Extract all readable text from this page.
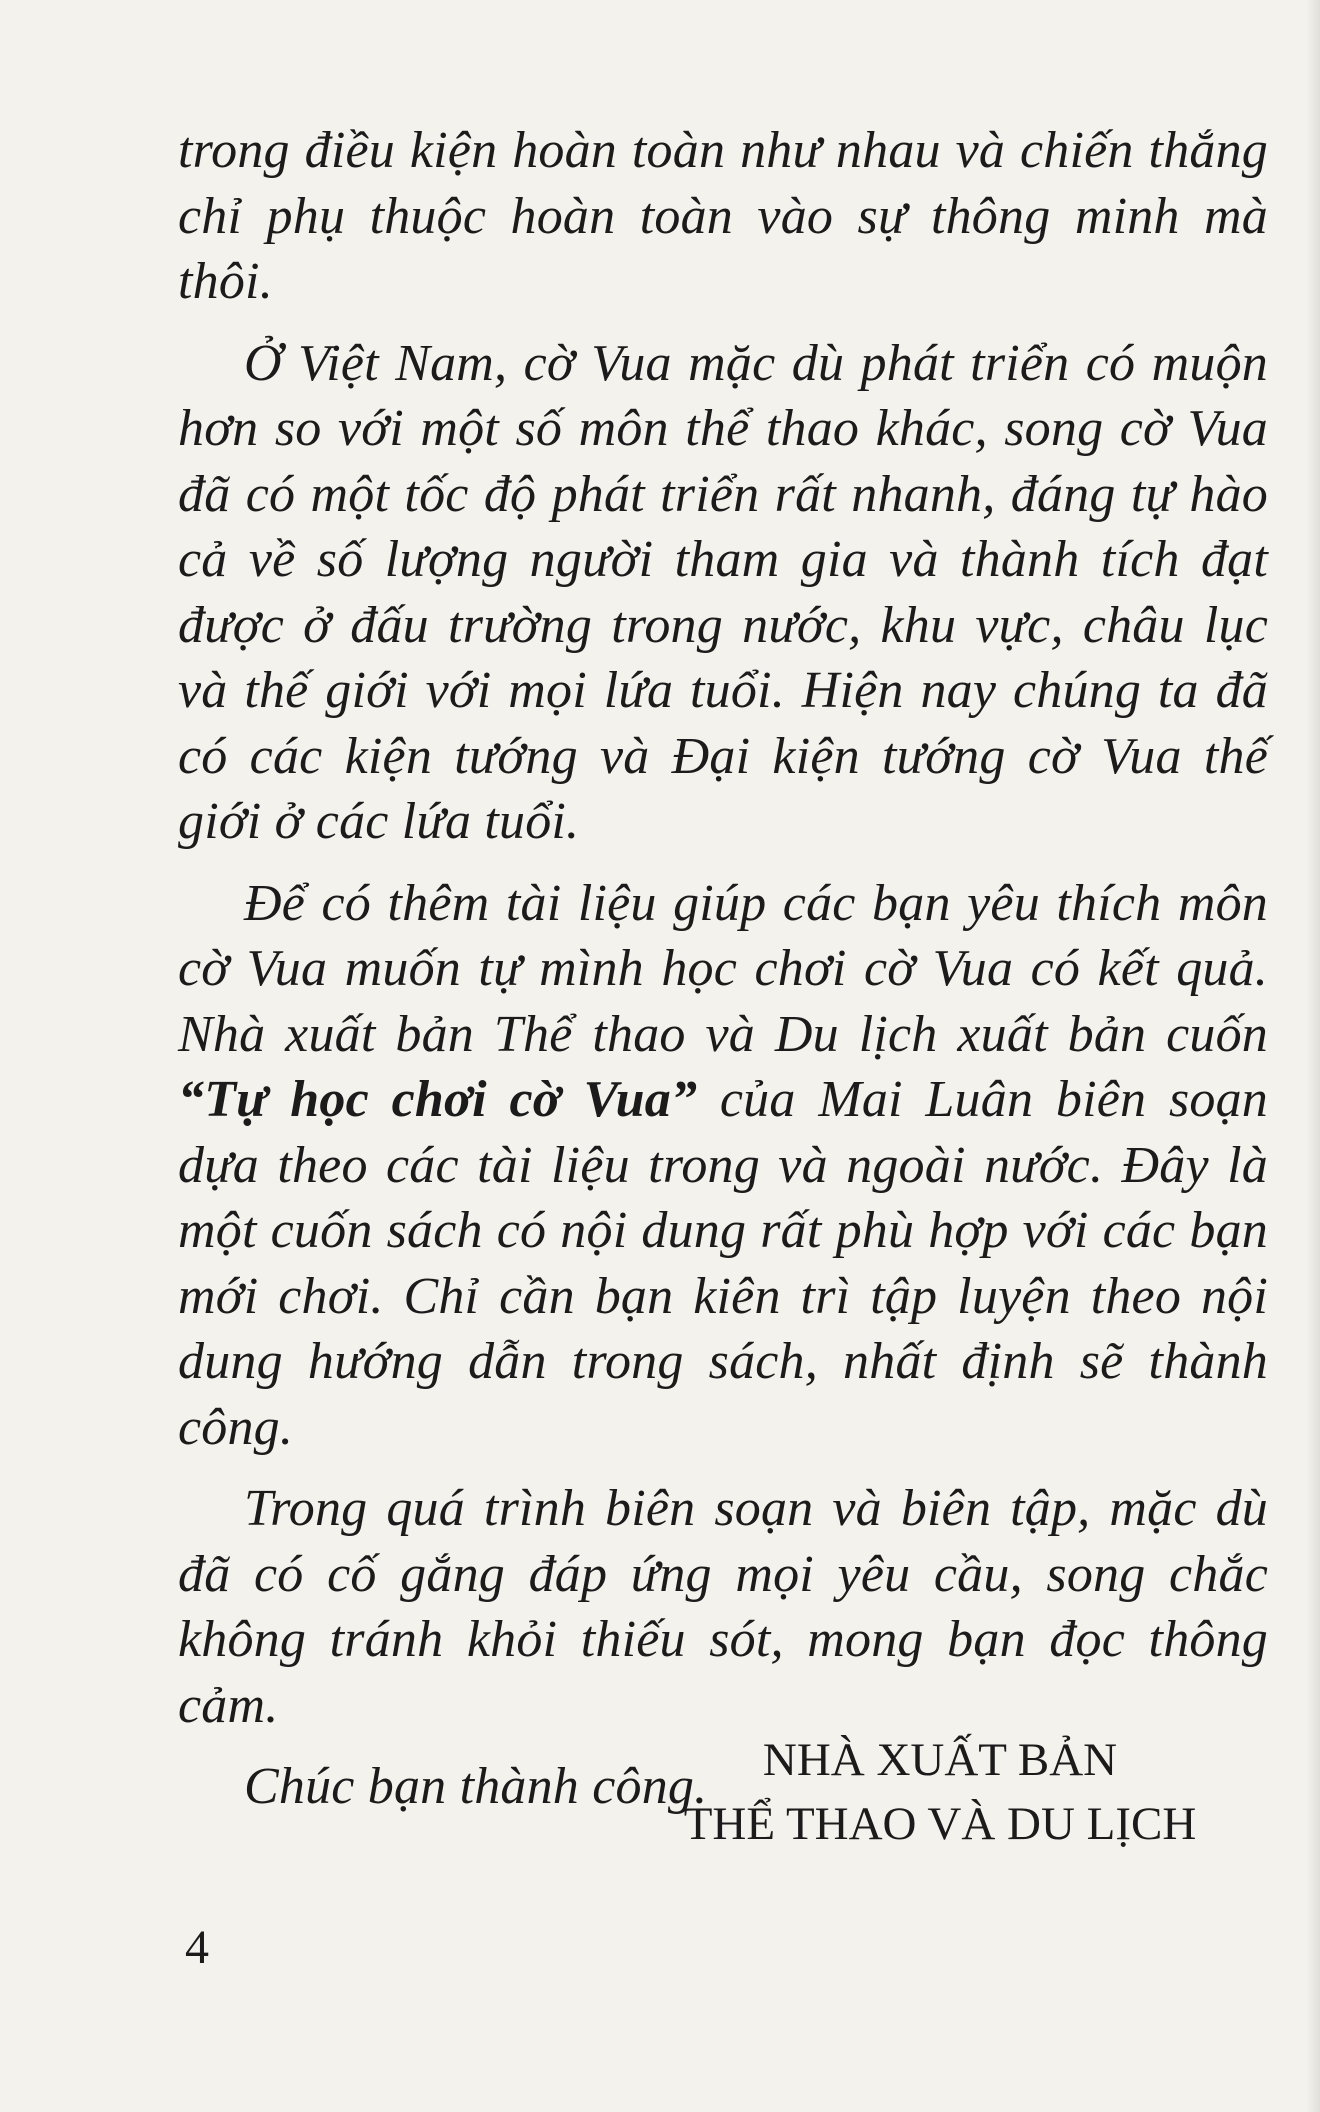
trong điều kiện hoàn toàn như nhau và chiến thắng chỉ phụ thuộc hoàn toàn vào sự thông minh mà thôi.

Ở Việt Nam, cờ Vua mặc dù phát triển có muộn hơn so với một số môn thể thao khác, song cờ Vua đã có một tốc độ phát triển rất nhanh, đáng tự hào cả về số lượng người tham gia và thành tích đạt được ở đấu trường trong nước, khu vực, châu lục và thế giới với mọi lứa tuổi. Hiện nay chúng ta đã có các kiện tướng và Đại kiện tướng cờ Vua thế giới ở các lứa tuổi.

Để có thêm tài liệu giúp các bạn yêu thích môn cờ Vua muốn tự mình học chơi cờ Vua có kết quả. Nhà xuất bản Thể thao và Du lịch xuất bản cuốn “Tự học chơi cờ Vua” của Mai Luân biên soạn dựa theo các tài liệu trong và ngoài nước. Đây là một cuốn sách có nội dung rất phù hợp với các bạn mới chơi. Chỉ cần bạn kiên trì tập luyện theo nội dung hướng dẫn trong sách, nhất định sẽ thành công.

Trong quá trình biên soạn và biên tập, mặc dù đã có cố gắng đáp ứng mọi yêu cầu, song chắc không tránh khỏi thiếu sót, mong bạn đọc thông cảm.

Chúc bạn thành công.	NHÀ XUẤT BẢN
THỂ THAO VÀ DU LỊCH
4
